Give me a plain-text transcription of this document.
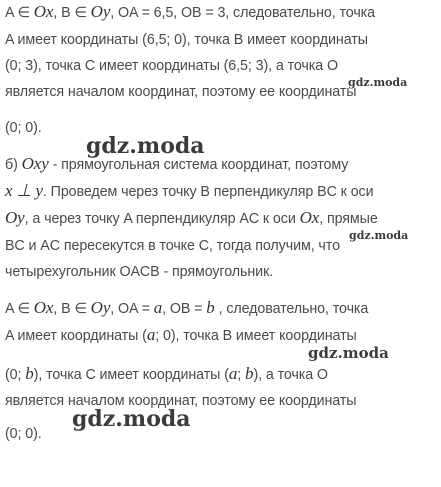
A ∈ Ox, B ∈ Oy, OA = 6,5, OB = 3, следовательно, точка
A имеет координаты (6,5; 0), точка B имеет координаты
(0; 3), точка C имеет координаты (6,5; 3), а точка O
является началом координат, поэтому ее координаты
(0; 0).
б) Oxy - прямоугольная система координат, поэтому
x ⊥ y. Проведем через точку B перпендикуляр BC к оси
Oy, а через точку A перпендикуляр AC к оси Ox, прямые
BC и AC пересекутся в точке C, тогда получим, что
четырехугольник OACB - прямоугольник.
A ∈ Ox, B ∈ Oy, OA = a, OB = b , следовательно, точка
A имеет координаты (a; 0), точка B имеет координаты
(0; b), точка C имеет координаты (a; b), а точка O
является началом координат, поэтому ее координаты
(0; 0).
gdz.moda
gdz.moda
gdz.moda
gdz.moda
gdz.moda
